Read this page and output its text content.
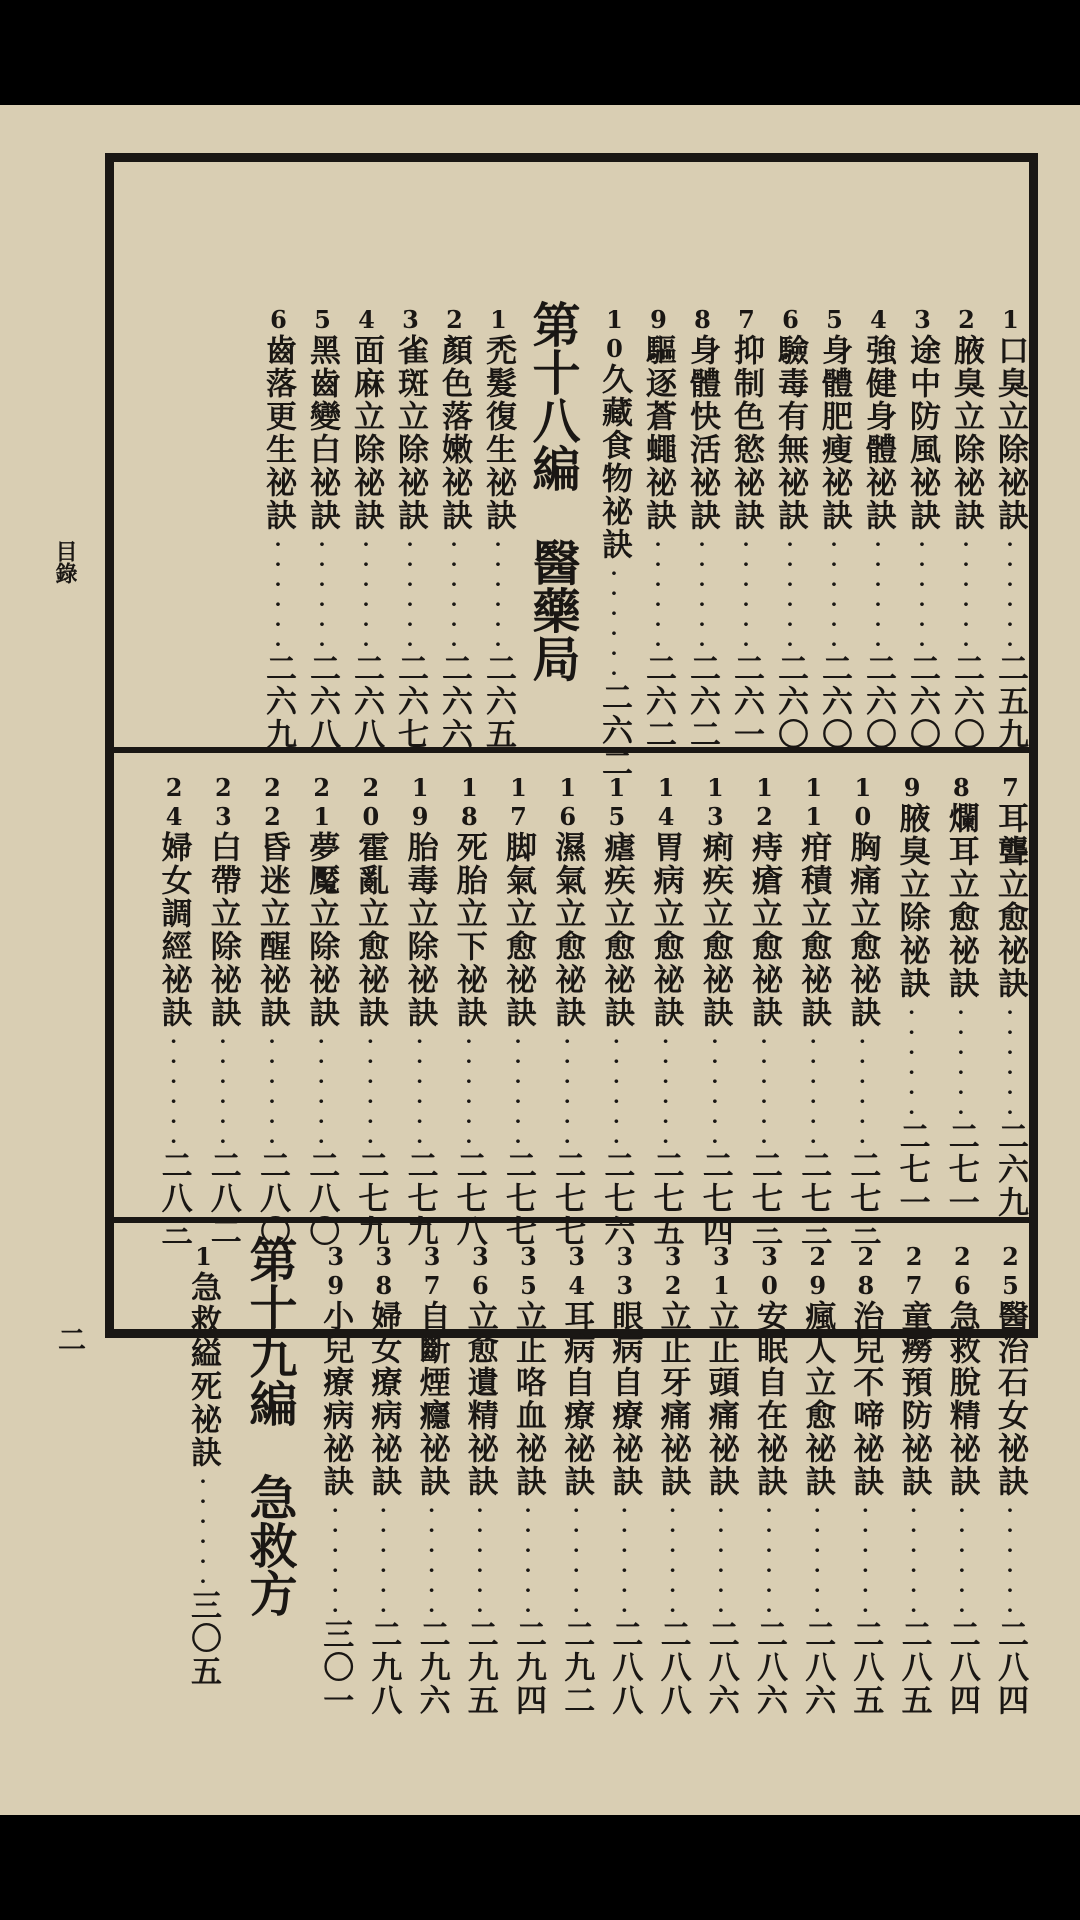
目錄
二
1口臭立除祕訣······二五九
2腋臭立除祕訣······二六〇
3途中防風祕訣······二六〇
4強健身體祕訣······二六〇
5身體肥瘦祕訣······二六〇
6驗毒有無祕訣······二六〇
7抑制色慾祕訣······二六一
8身體快活祕訣······二六二
9驅逐蒼蠅祕訣······二六二
10久藏食物祕訣······二六二
第十八編醫藥局
1禿髮復生祕訣······二六五
2顏色落嫩祕訣······二六六
3雀斑立除祕訣······二六七
4面麻立除祕訣······二六八
5黑齒變白祕訣······二六八
6齒落更生祕訣······二六九
7耳聾立愈祕訣······二六九
8爛耳立愈祕訣······二七一
9腋臭立除祕訣······二七一
10胸痛立愈祕訣······二七三
11疳積立愈祕訣······二七三
12痔瘡立愈祕訣······二七三
13痢疾立愈祕訣······二七四
14胃病立愈祕訣······二七五
15瘧疾立愈祕訣······二七六
16濕氣立愈祕訣······二七七
17脚氣立愈祕訣······二七七
18死胎立下祕訣······二七八
19胎毒立除祕訣······二七九
20霍亂立愈祕訣······二七九
21夢魘立除祕訣······二八〇
22昏迷立醒祕訣······二八〇
23白帶立除祕訣······二八二
24婦女調經祕訣······二八三
25醫治石女祕訣······二八四
26急救脫精祕訣······二八四
27童癆預防祕訣······二八五
28治兒不啼祕訣······二八五
29瘋人立愈祕訣······二八六
30安眠自在祕訣······二八六
31立止頭痛祕訣······二八六
32立止牙痛祕訣······二八八
33眼病自療祕訣······二八八
34耳病自療祕訣······二九二
35立止咯血祕訣······二九四
36立愈遺精祕訣······二九五
37自斷煙癮祕訣······二九六
38婦女療病祕訣······二九八
39小兒療病祕訣······三〇一
第十九編急救方
1急救縊死祕訣······三〇五
